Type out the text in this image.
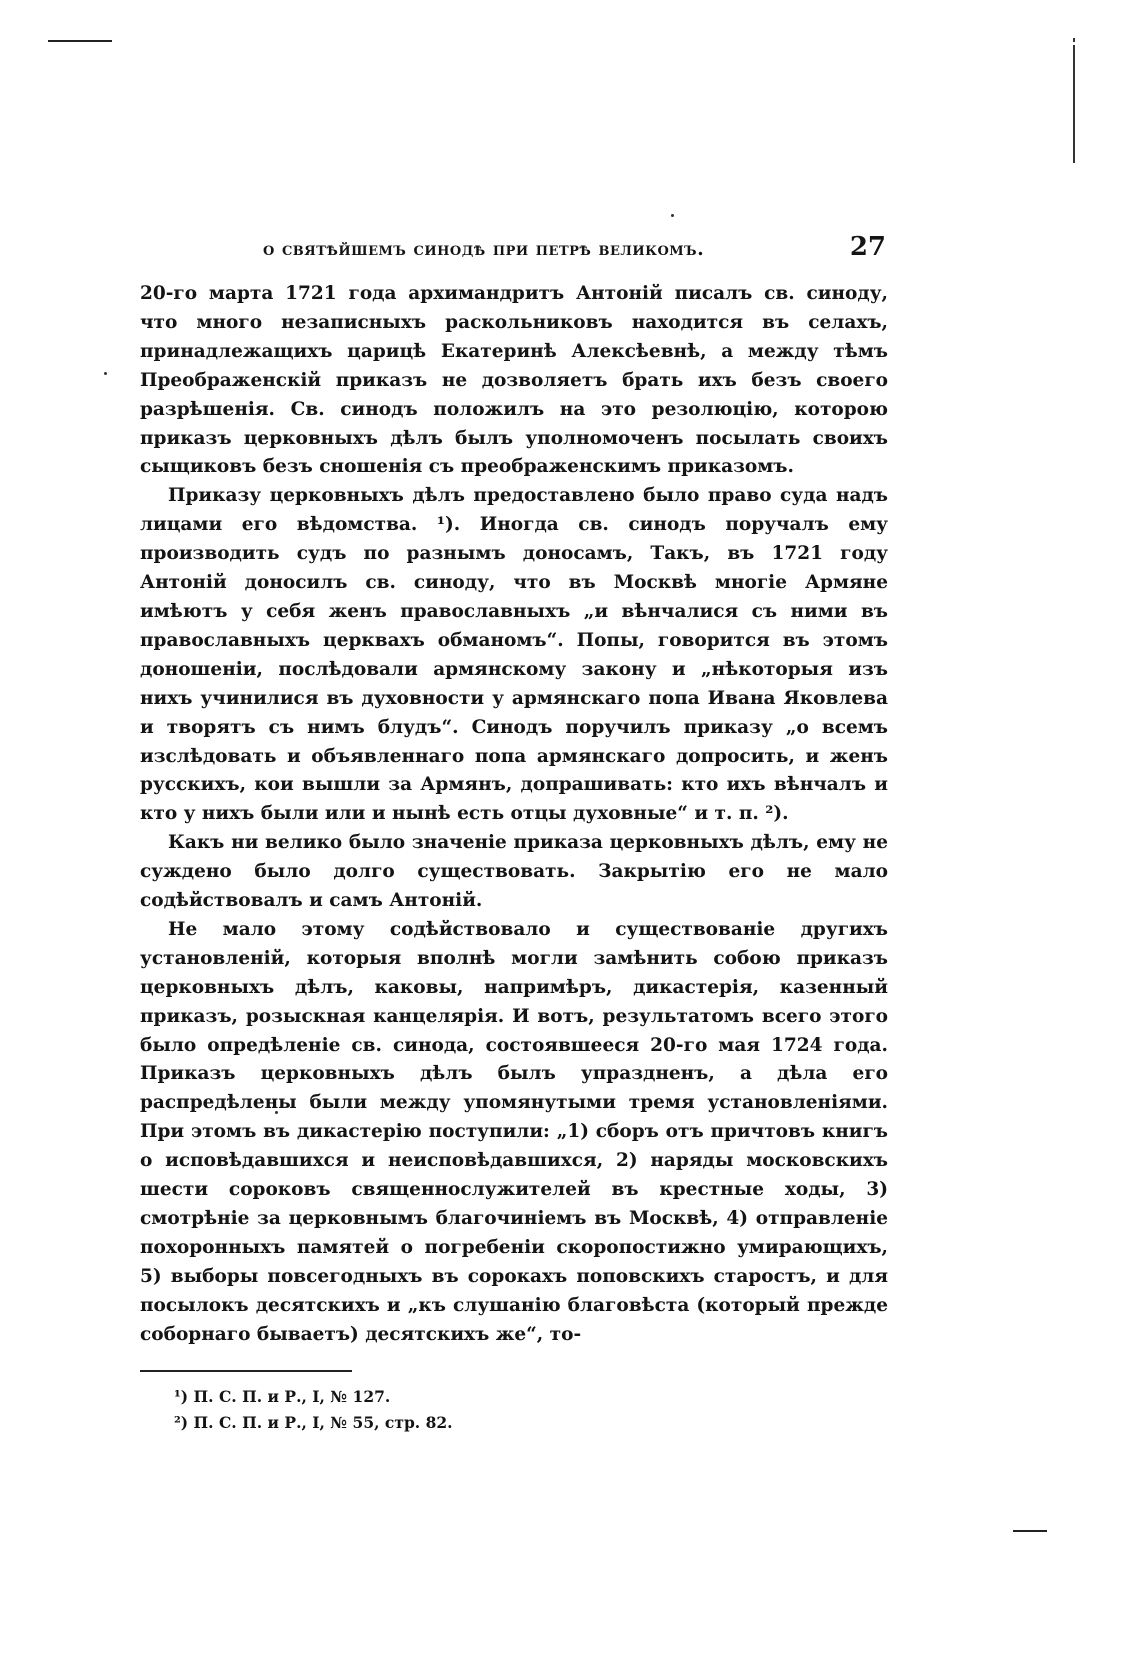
о святѣйшемъ синодѣ при петрѣ великомъ.	27

20-го марта 1721 года архимандритъ Антоній писалъ св. синоду, что много незаписныхъ раскольниковъ находится въ селахъ, принадлежащихъ царицѣ Екатеринѣ Алексѣевнѣ, а между тѣмъ Преображенскій приказъ не дозволяетъ брать ихъ безъ своего разрѣшенія. Св. синодъ положилъ на это резолюцію, которою приказъ церковныхъ дѣлъ былъ уполномоченъ посылать своихъ сыщиковъ безъ сношенія съ преображенскимъ приказомъ.

Приказу церковныхъ дѣлъ предоставлено было право суда надъ лицами его вѣдомства. ¹). Иногда св. синодъ поручалъ ему производить судъ по разнымъ доносамъ, Такъ, въ 1721 году Антоній доносилъ св. синоду, что въ Москвѣ многіе Армяне имѣютъ у себя женъ православныхъ „и вѣнчалися съ ними въ православныхъ церквахъ обманомъ“. Попы, говорится въ этомъ доношеніи, послѣдовали армянскому закону и „нѣкоторыя изъ нихъ учинилися въ духовности у армянскаго попа Ивана Яковлева и творятъ съ нимъ блудъ“. Синодъ поручилъ приказу „о всемъ изслѣдовать и объявленнаго попа армянскаго допросить, и женъ русскихъ, кои вышли за Армянъ, допрашивать: кто ихъ вѣнчалъ и кто у нихъ были или и нынѣ есть отцы духовные“ и т. п. ²).

Какъ ни велико было значеніе приказа церковныхъ дѣлъ, ему не суждено было долго существовать. Закрытію его не мало содѣйствовалъ и самъ Антоній.

Не мало этому содѣйствовало и существованіе другихъ установленій, которыя вполнѣ могли замѣнить собою приказъ церковныхъ дѣлъ, каковы, напримѣръ, дикастерія, казенный приказъ, розыскная канцелярія. И вотъ, результатомъ всего этого было опредѣленіе св. синода, состоявшееся 20-го мая 1724 года. Приказъ церковныхъ дѣлъ былъ упраздненъ, а дѣла его распредѣлены были между упомянутыми тремя установленіями. При этомъ въ дикастерію поступили: „1) сборъ отъ причтовъ книгъ о исповѣдавшихся и неисповѣдавшихся, 2) наряды московскихъ шести сороковъ священнослужителей въ крестные ходы, 3) смотрѣніе за церковнымъ благочиніемъ въ Москвѣ, 4) отправленіе похоронныхъ памятей о погребеніи скоропостижно умирающихъ, 5) выборы повсегодныхъ въ сорокахъ поповскихъ старостъ, и для посылокъ десятскихъ и „къ слушанію благовѣста (который прежде соборнаго бываетъ) десятскихъ же“, то-

¹) П. С. П. и Р., I, № 127.
²) П. С. П. и Р., I, № 55, стр. 82.
